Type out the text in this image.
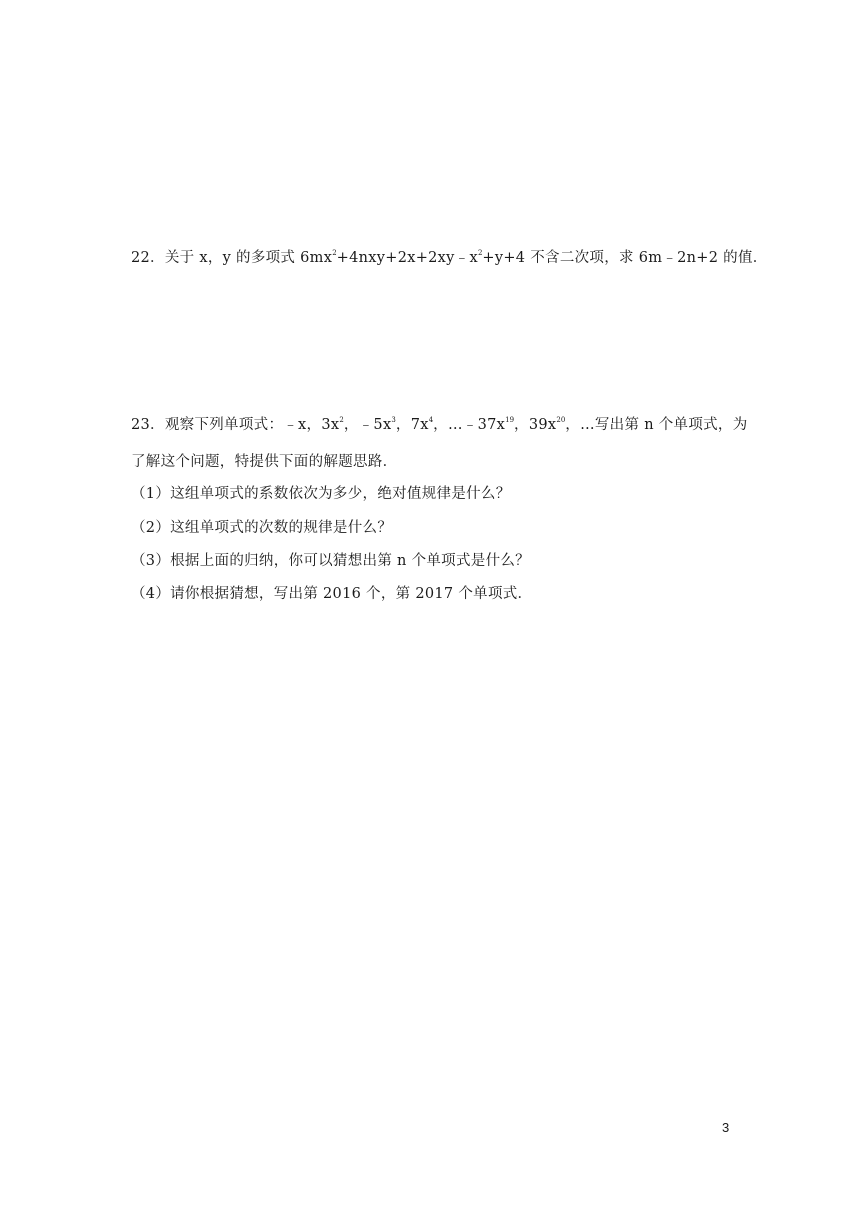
22．关于 x，y 的多项式 $6mx^2+4nxy+2x+2xy﹣x^2+y+4$ 不含二次项，求 6m﹣2n+2 的值．
23．观察下列单项式：﹣x，$3x^2$，$﹣5x^3$，$7x^4$，$\dots﹣37x^{19}$，$39x^{20}$，…写出第 n 个单项式，为
了解这个问题，特提供下面的解题思路．
（1）这组单项式的系数依次为多少，绝对值规律是什么？
（2）这组单项式的次数的规律是什么？
（3）根据上面的归纳，你可以猜想出第 n 个单项式是什么？
（4）请你根据猜想，写出第 2016 个，第 2017 个单项式．
3
